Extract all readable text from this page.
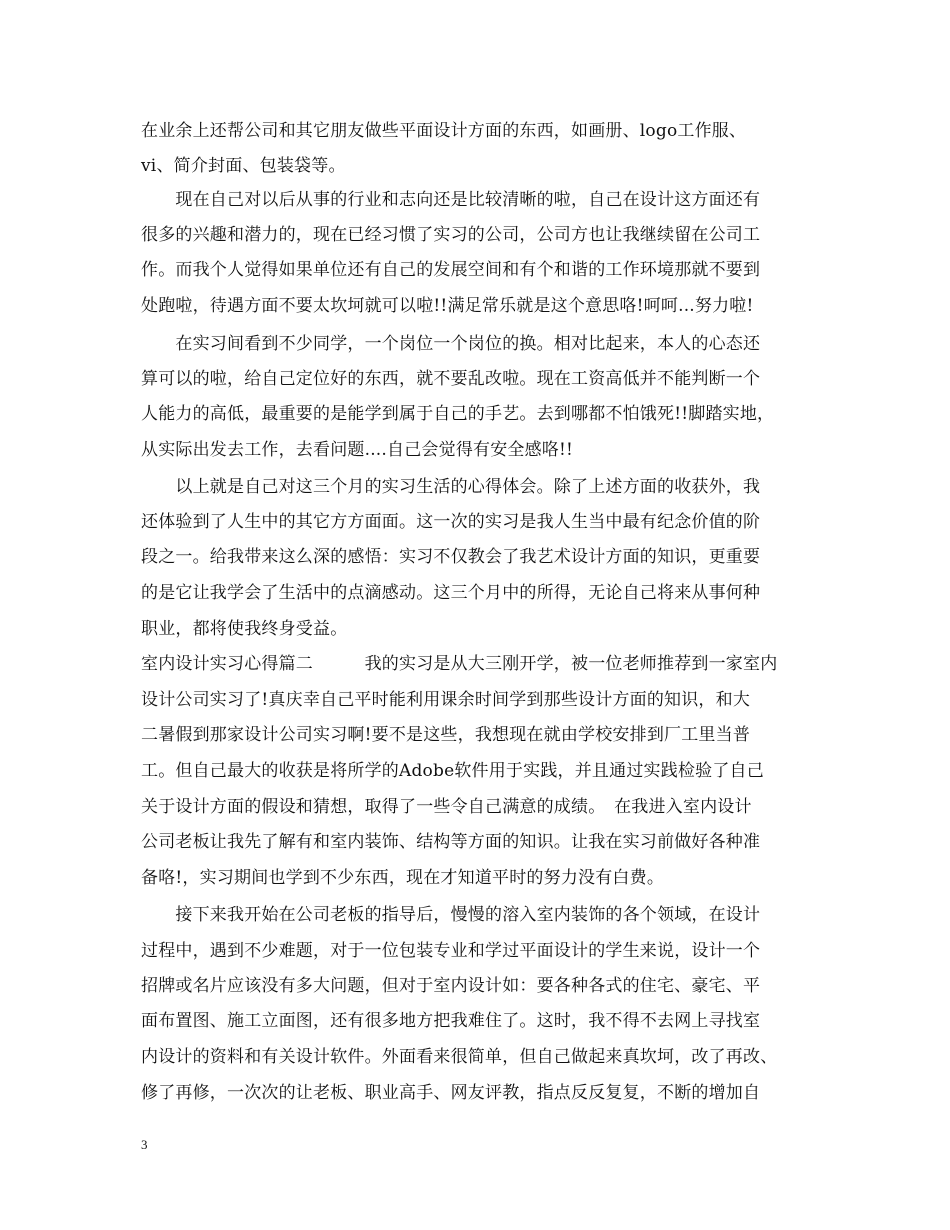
在业余上还帮公司和其它朋友做些平面设计方面的东西，如画册、logo工作服、
vi、简介封面、包装袋等。
　　现在自己对以后从事的行业和志向还是比较清晰的啦，自己在设计这方面还有
很多的兴趣和潜力的，现在已经习惯了实习的公司，公司方也让我继续留在公司工
作。而我个人觉得如果单位还有自己的发展空间和有个和谐的工作环境那就不要到
处跑啦，待遇方面不要太坎坷就可以啦!!满足常乐就是这个意思咯!呵呵...努力啦!
　　在实习间看到不少同学，一个岗位一个岗位的换。相对比起来，本人的心态还
算可以的啦，给自己定位好的东西，就不要乱改啦。现在工资高低并不能判断一个
人能力的高低，最重要的是能学到属于自己的手艺。去到哪都不怕饿死!!脚踏实地，
从实际出发去工作，去看问题....自己会觉得有安全感咯!!
　　以上就是自己对这三个月的实习生活的心得体会。除了上述方面的收获外，我
还体验到了人生中的其它方方面面。这一次的实习是我人生当中最有纪念价值的阶
段之一。给我带来这么深的感悟：实习不仅教会了我艺术设计方面的知识，更重要
的是它让我学会了生活中的点滴感动。这三个月中的所得，无论自己将来从事何种
职业，都将使我终身受益。
室内设计实习心得篇二　　　我的实习是从大三刚开学，被一位老师推荐到一家室内
设计公司实习了!真庆幸自己平时能利用课余时间学到那些设计方面的知识，和大
二暑假到那家设计公司实习啊!要不是这些，我想现在就由学校安排到厂工里当普
工。但自己最大的收获是将所学的Adobe软件用于实践，并且通过实践检验了自己
关于设计方面的假设和猜想，取得了一些令自己满意的成绩。　在我进入室内设计
公司老板让我先了解有和室内装饰、结构等方面的知识。让我在实习前做好各种准
备咯!，实习期间也学到不少东西，现在才知道平时的努力没有白费。
　　接下来我开始在公司老板的指导后，慢慢的溶入室内装饰的各个领域，在设计
过程中，遇到不少难题，对于一位包装专业和学过平面设计的学生来说，设计一个
招牌或名片应该没有多大问题，但对于室内设计如：要各种各式的住宅、豪宅、平
面布置图、施工立面图，还有很多地方把我难住了。这时，我不得不去网上寻找室
内设计的资料和有关设计软件。外面看来很简单，但自己做起来真坎坷，改了再改、
修了再修，一次次的让老板、职业高手、网友评教，指点反反复复，不断的增加自
3
